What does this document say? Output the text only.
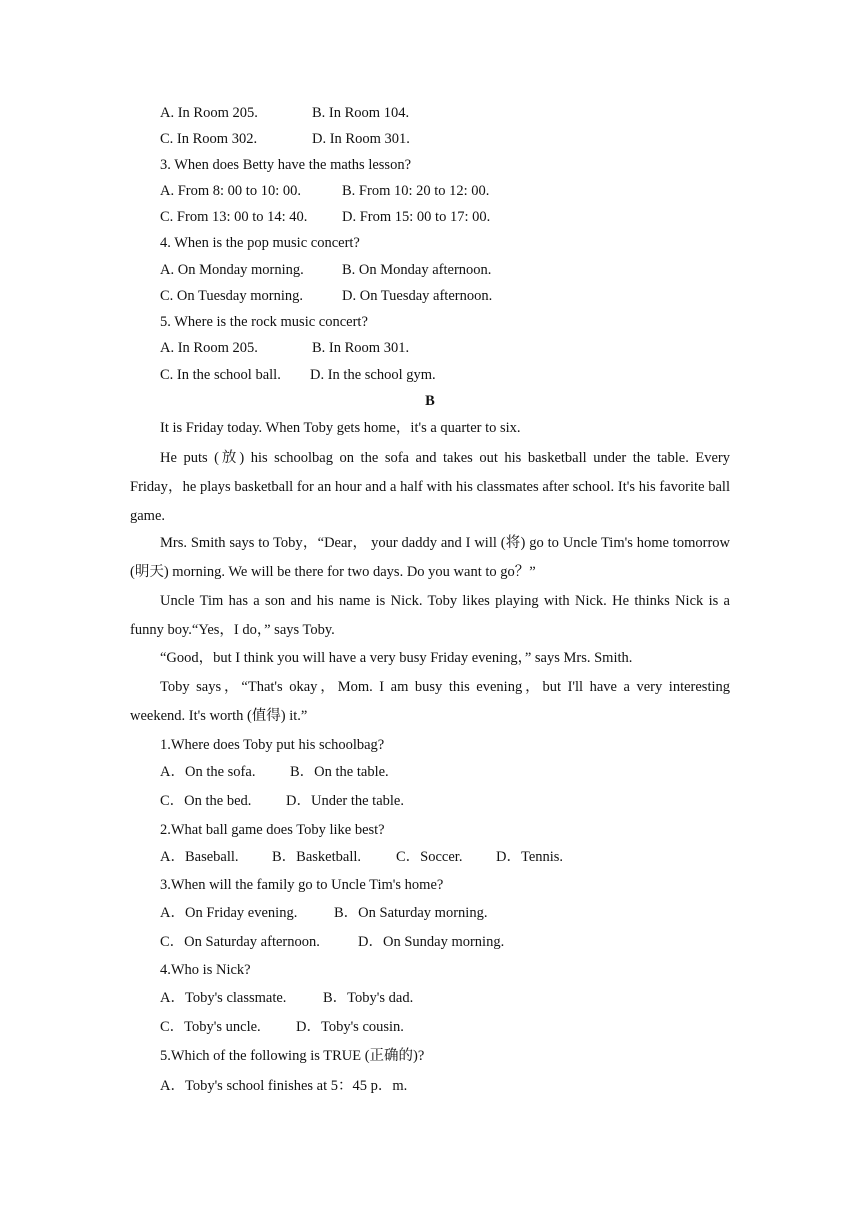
A. In Room 205.	B. In Room 104.
C. In Room 302.	D. In Room 301.
3. When does Betty have the maths lesson?
A. From 8: 00 to 10: 00.	B. From 10: 20 to 12: 00.
C. From 13: 00 to 14: 40. D. From 15: 00 to 17: 00.
4. When is the pop music concert?
A. On Monday morning.	B. On Monday afternoon.
C. On Tuesday morning.	D. On Tuesday afternoon.
5. Where is the rock music concert?
A. In Room 205.	B. In Room 301.
C. In the school ball. D. In the school gym.
B
It is Friday today. When Toby gets home，it's a quarter to six.
He puts (放) his schoolbag on the sofa and takes out his basketball under the table. Every Friday，he plays basketball for an hour and a half with his classmates after school. It's his favorite ball game.
Mrs. Smith says to Toby，“Dear， your daddy and I will (将) go to Uncle Tim's home tomorrow (明天) morning. We will be there for two days. Do you want to go？”
Uncle Tim has a son and his name is Nick. Toby likes playing with Nick. He thinks Nick is a funny boy.“Yes，I do，” says Toby.
“Good，but I think you will have a very busy Friday evening，” says Mrs. Smith.
Toby says，“That's okay，Mom. I am busy this evening，but I'll have a very interesting weekend. It's worth (值得) it.”
1.Where does Toby put his schoolbag?
A．On the sofa. B．On the table.
C．On the bed. D．Under the table.
2.What ball game does Toby like best?
A．Baseball. B．Basketball. C．Soccer. D．Tennis.
3.When will the family go to Uncle Tim's home?
A．On Friday evening.	B．On Saturday morning.
C．On Saturday afternoon.	D．On Sunday morning.
4.Who is Nick?
A．Toby's classmate.	B．Toby's dad.
C．Toby's uncle. D．Toby's cousin.
5.Which of the following is TRUE (正确的)?
A．Toby's school finishes at 5：45 p．m.
